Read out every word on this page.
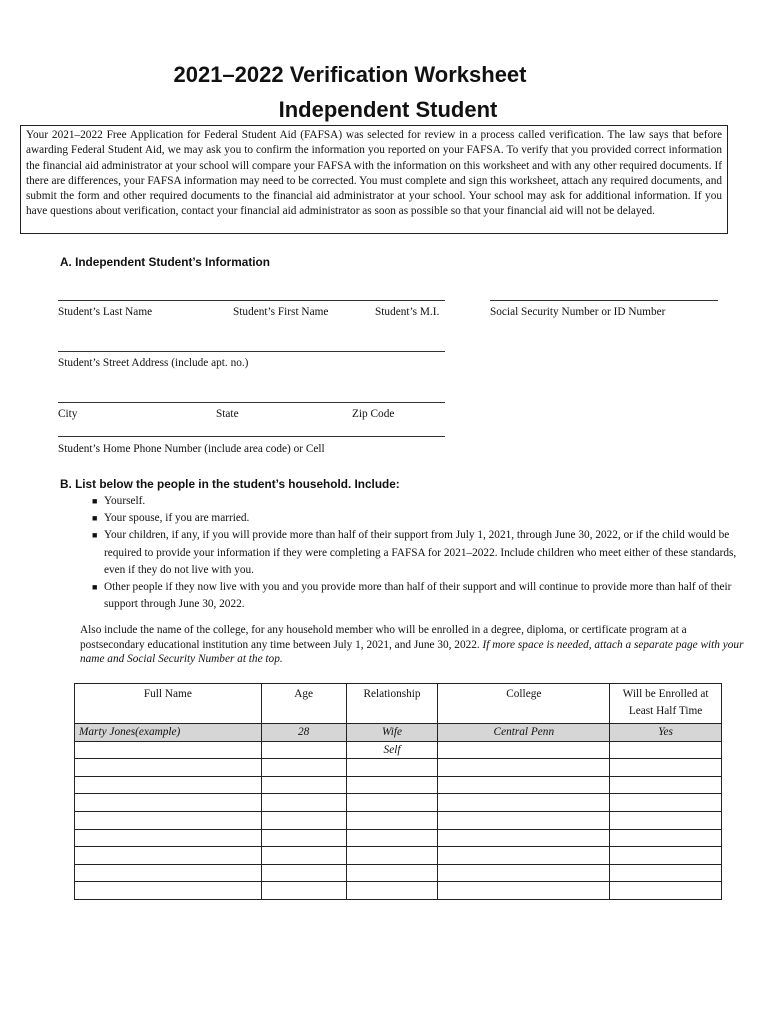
2021–2022 Verification Worksheet
Independent Student
Your 2021–2022 Free Application for Federal Student Aid (FAFSA) was selected for review in a process called verification. The law says that before awarding Federal Student Aid, we may ask you to confirm the information you reported on your FAFSA. To verify that you provided correct information the financial aid administrator at your school will compare your FAFSA with the information on this worksheet and with any other required documents. If there are differences, your FAFSA information may need to be corrected. You must complete and sign this worksheet, attach any required documents, and submit the form and other required documents to the financial aid administrator at your school. Your school may ask for additional information. If you have questions about verification, contact your financial aid administrator as soon as possible so that your financial aid will not be delayed.
A. Independent Student’s Information
Student’s Last Name	Student’s First Name	Student’s M.I.	Social Security Number or ID Number
Student’s Street Address (include apt. no.)
City	State	Zip Code
Student’s Home Phone Number (include area code) or Cell
B. List below the people in the student’s household. Include:
■ Yourself.
■ Your spouse, if you are married.
■ Your children, if any, if you will provide more than half of their support from July 1, 2021, through June 30, 2022, or if the child would be required to provide your information if they were completing a FAFSA for 2021–2022. Include children who meet either of these standards, even if they do not live with you.
■ Other people if they now live with you and you provide more than half of their support and will continue to provide more than half of their support through June 30, 2022.
Also include the name of the college, for any household member who will be enrolled in a degree, diploma, or certificate program at a postsecondary educational institution any time between July 1, 2021, and June 30, 2022. If more space is needed, attach a separate page with your name and Social Security Number at the top.
Full Name	Age	Relationship	College	Will be Enrolled at Least Half Time
Marty Jones(example)	28	Wife	Central Penn	Yes
		Self		
